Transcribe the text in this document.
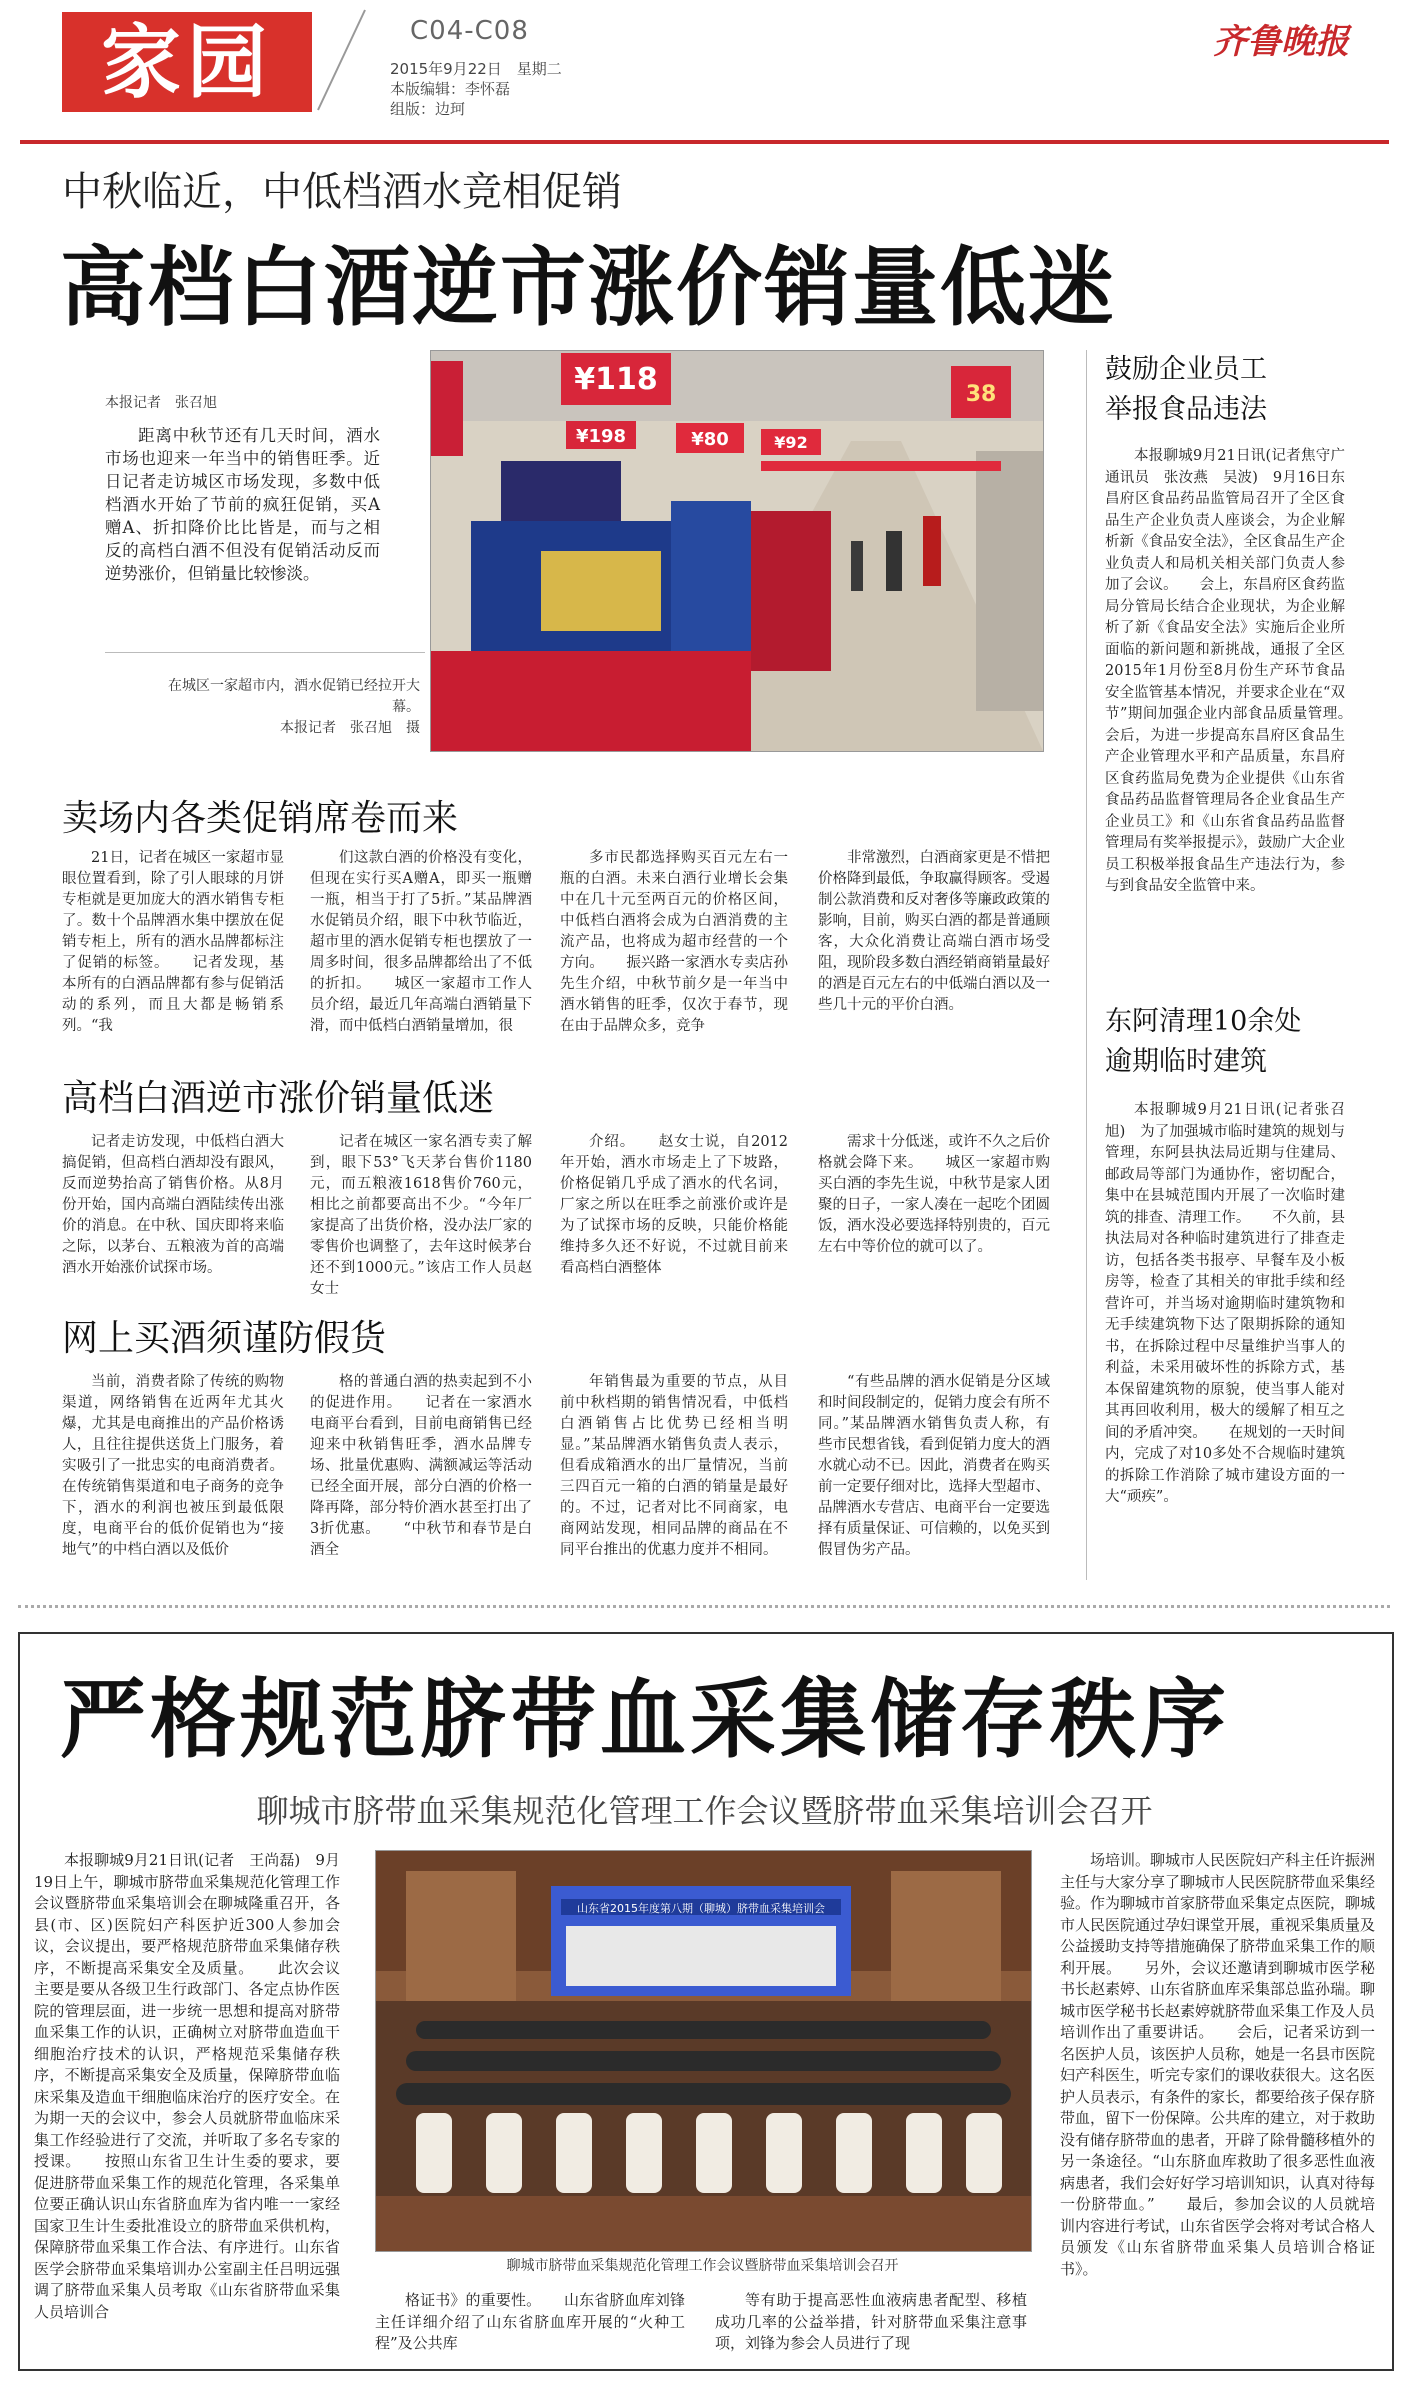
家园	C04-C08
2015年9月22日　星期二
本版编辑：李怀磊
组版：边珂
齐鲁晚报
中秋临近，中低档酒水竞相促销
高档白酒逆市涨价销量低迷
本报记者　张召旭

距离中秋节还有几天时间，酒水市场也迎来一年当中的销售旺季。近日记者走访城区市场发现，多数中低档酒水开始了节前的疯狂促销，买A赠A、折扣降价比比皆是，而与之相反的高档白酒不但没有促销活动反而逆势涨价，但销量比较惨淡。

在城区一家超市内，酒水促销已经拉开大幕。
本报记者　张召旭　摄
¥118
¥198
38
¥80	¥92
鼓励企业员工
举报食品违法

本报聊城9月21日讯(记者焦守广　通讯员　张汝燕　吴波)　9月16日东昌府区食品药品监管局召开了全区食品生产企业负责人座谈会，为企业解析新《食品安全法》，全区食品生产企业负责人和局机关相关部门负责人参加了会议。　　会上，东昌府区食药监局分管局长结合企业现状，为企业解析了新《食品安全法》实施后企业所面临的新问题和新挑战，通报了全区2015年1月份至8月份生产环节食品安全监管基本情况，并要求企业在“双节”期间加强企业内部食品质量管理。　　会后，为进一步提高东昌府区食品生产企业管理水平和产品质量，东昌府区食药监局免费为企业提供《山东省食品药品监督管理局各企业食品生产企业员工》和《山东省食品药品监督管理局有奖举报提示》，鼓励广大企业员工积极举报食品生产违法行为，参与到食品安全监管中来。

东阿清理10余处
逾期临时建筑

本报聊城9月21日讯(记者张召旭)　为了加强城市临时建筑的规划与管理，东阿县执法局近期与住建局、邮政局等部门为通协作，密切配合，集中在县城范围内开展了一次临时建筑的排查、清理工作。　　不久前，县执法局对各种临时建筑进行了排查走访，包括各类书报亭、早餐车及小板房等，检查了其相关的审批手续和经营许可，并当场对逾期临时建筑物和无手续建筑物下达了限期拆除的通知书，在拆除过程中尽量维护当事人的利益，未采用破坏性的拆除方式，基本保留建筑物的原貌，使当事人能对其再回收利用，极大的缓解了相互之间的矛盾冲突。　　在规划的一天时间内，完成了对10多处不合规临时建筑的拆除工作消除了城市建设方面的一大“顽疾”。

卖场内各类促销席卷而来

21日，记者在城区一家超市显眼位置看到，除了引人眼球的月饼专柜就是更加庞大的酒水销售专柜了。数十个品牌酒水集中摆放在促销专柜上，所有的酒水品牌都标注了促销的标签。　　记者发现，基本所有的白酒品牌都有参与促销活动的系列，而且大都是畅销系列。“我

们这款白酒的价格没有变化，但现在实行买A赠A，即买一瓶赠一瓶，相当于打了5折。”某品牌酒水促销员介绍，眼下中秋节临近，超市里的酒水促销专柜也摆放了一周多时间，很多品牌都给出了不低的折扣。　　城区一家超市工作人员介绍，最近几年高端白酒销量下滑，而中低档白酒销量增加，很

多市民都选择购买百元左右一瓶的白酒。未来白酒行业增长会集中在几十元至两百元的价格区间，中低档白酒将会成为白酒消费的主流产品，也将成为超市经营的一个方向。　　振兴路一家酒水专卖店孙先生介绍，中秋节前夕是一年当中酒水销售的旺季，仅次于春节，现在由于品牌众多，竞争

非常激烈，白酒商家更是不惜把价格降到最低，争取赢得顾客。受遏制公款消费和反对奢侈等廉政政策的影响，目前，购买白酒的都是普通顾客，大众化消费让高端白酒市场受阻，现阶段多数白酒经销商销量最好的酒是百元左右的中低端白酒以及一些几十元的平价白酒。

高档白酒逆市涨价销量低迷

记者走访发现，中低档白酒大搞促销，但高档白酒却没有跟风，反而逆势抬高了销售价格。从8月份开始，国内高端白酒陆续传出涨价的消息。在中秋、国庆即将来临之际，以茅台、五粮液为首的高端酒水开始涨价试探市场。

记者在城区一家名酒专卖了解到，眼下53°飞天茅台售价1180元，而五粮液1618售价760元，相比之前都要高出不少。“今年厂家提高了出货价格，没办法厂家的零售价也调整了，去年这时候茅台还不到1000元。”该店工作人员赵女士

介绍。　　赵女士说，自2012年开始，酒水市场走上了下坡路，价格促销几乎成了酒水的代名词，厂家之所以在旺季之前涨价或许是为了试探市场的反映，只能价格能维持多久还不好说，不过就目前来看高档白酒整体

需求十分低迷，或许不久之后价格就会降下来。　　城区一家超市购买白酒的李先生说，中秋节是家人团聚的日子，一家人凑在一起吃个团圆饭，酒水没必要选择特别贵的，百元左右中等价位的就可以了。

网上买酒须谨防假货

当前，消费者除了传统的购物渠道，网络销售在近两年尤其火爆，尤其是电商推出的产品价格诱人，且往往提供送货上门服务，着实吸引了一批忠实的电商消费者。在传统销售渠道和电子商务的竞争下，酒水的利润也被压到最低限度，电商平台的低价促销也为“接地气”的中档白酒以及低价

格的普通白酒的热卖起到不小的促进作用。　　记者在一家酒水电商平台看到，目前电商销售已经迎来中秋销售旺季，酒水品牌专场、批量优惠购、满额减运等活动已经全面开展，部分白酒的价格一降再降，部分特价酒水甚至打出了3折优惠。　　“中秋节和春节是白酒全

年销售最为重要的节点，从目前中秋档期的销售情况看，中低档白酒销售占比优势已经相当明显。”某品牌酒水销售负责人表示，但看成箱酒水的出厂量情况，当前三四百元一箱的白酒的销量是最好的。不过，记者对比不同商家，电商网站发现，相同品牌的商品在不同平台推出的优惠力度并不相同。

“有些品牌的酒水促销是分区域和时间段制定的，促销力度会有所不同。”某品牌酒水销售负责人称，有些市民想省钱，看到促销力度大的酒水就心动不已。因此，消费者在购买前一定要仔细对比，选择大型超市、品牌酒水专营店、电商平台一定要选择有质量保证、可信赖的，以免买到假冒伪劣产品。

严格规范脐带血采集储存秩序
聊城市脐带血采集规范化管理工作会议暨脐带血采集培训会召开

本报聊城9月21日讯(记者　王尚磊)　9月19日上午，聊城市脐带血采集规范化管理工作会议暨脐带血采集培训会在聊城隆重召开，各县(市、区)医院妇产科医护近300人参加会议，会议提出，要严格规范脐带血采集储存秩序，不断提高采集安全及质量。　　此次会议主要是要从各级卫生行政部门、各定点协作医院的管理层面，进一步统一思想和提高对脐带血采集工作的认识，正确树立对脐带血造血干细胞治疗技术的认识，严格规范采集储存秩序，不断提高采集安全及质量，保障脐带血临床采集及造血干细胞临床治疗的医疗安全。在为期一天的会议中，参会人员就脐带血临床采集工作经验进行了交流，并听取了多名专家的授课。　　按照山东省卫生计生委的要求，要促进脐带血采集工作的规范化管理，各采集单位要正确认识山东省脐血库为省内唯一一家经国家卫生计生委批准设立的脐带血采供机构，保障脐带血采集工作合法、有序进行。山东省医学会脐带血采集培训办公室副主任吕明远强调了脐带血采集人员考取《山东省脐带血采集人员培训合

山东省2015年度第八期（聊城）脐带血采集培训会
聊城市脐带血采集规范化管理工作会议暨脐带血采集培训会召开

格证书》的重要性。　　山东省脐血库刘锋主任详细介绍了山东省脐血库开展的“火种工程”及公共库

等有助于提高恶性血液病患者配型、移植成功几率的公益举措，针对脐带血采集注意事项，刘锋为参会人员进行了现

场培训。聊城市人民医院妇产科主任许振洲主任与大家分享了聊城市人民医院脐带血采集经验。作为聊城市首家脐带血采集定点医院，聊城市人民医院通过孕妇课堂开展，重视采集质量及公益援助支持等措施确保了脐带血采集工作的顺利开展。　　另外，会议还邀请到聊城市医学秘书长赵素婷、山东省脐血库采集部总监孙瑞。聊城市医学秘书长赵素婷就脐带血采集工作及人员培训作出了重要讲话。　　会后，记者采访到一名医护人员，该医护人员称，她是一名县市医院妇产科医生，听完专家们的课收获很大。这名医护人员表示，有条件的家长，都要给孩子保存脐带血，留下一份保障。公共库的建立，对于救助没有储存脐带血的患者，开辟了除骨髓移植外的另一条途径。“山东脐血库救助了很多恶性血液病患者，我们会好好学习培训知识，认真对待每一份脐带血。”　　最后，参加会议的人员就培训内容进行考试，山东省医学会将对考试合格人员颁发《山东省脐带血采集人员培训合格证书》。
